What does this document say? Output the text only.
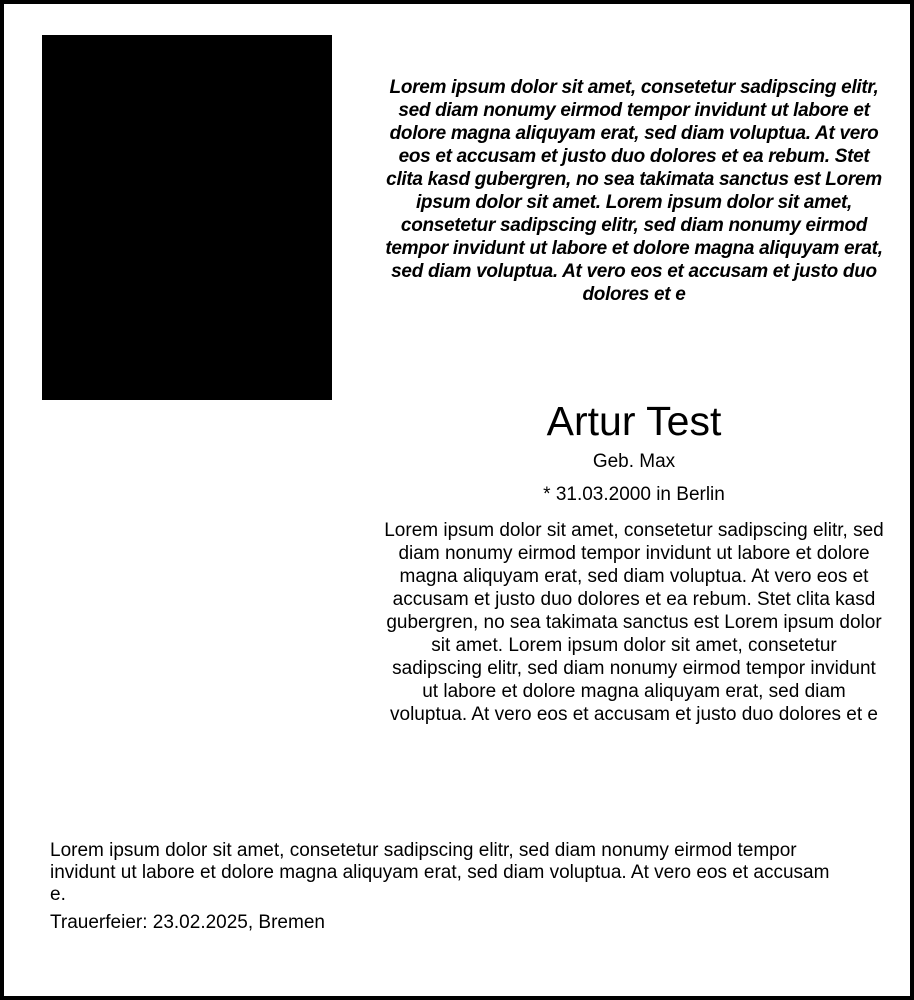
Lorem ipsum dolor sit amet, consetetur sadipscing elitr, sed diam nonumy eirmod tempor invidunt ut labore et dolore magna aliquyam erat, sed diam voluptua. At vero eos et accusam et justo duo dolores et ea rebum. Stet clita kasd gubergren, no sea takimata sanctus est Lorem ipsum dolor sit amet. Lorem ipsum dolor sit amet, consetetur sadipscing elitr, sed diam nonumy eirmod tempor invidunt ut labore et dolore magna aliquyam erat, sed diam voluptua. At vero eos et accusam et justo duo dolores et e
Artur Test
Geb. Max
* 31.03.2000 in Berlin
Lorem ipsum dolor sit amet, consetetur sadipscing elitr, sed diam nonumy eirmod tempor invidunt ut labore et dolore magna aliquyam erat, sed diam voluptua. At vero eos et accusam et justo duo dolores et ea rebum. Stet clita kasd gubergren, no sea takimata sanctus est Lorem ipsum dolor sit amet. Lorem ipsum dolor sit amet, consetetur sadipscing elitr, sed diam nonumy eirmod tempor invidunt ut labore et dolore magna aliquyam erat, sed diam voluptua. At vero eos et accusam et justo duo dolores et e
Lorem ipsum dolor sit amet, consetetur sadipscing elitr, sed diam nonumy eirmod tempor invidunt ut labore et dolore magna aliquyam erat, sed diam voluptua. At vero eos et accusam e.
Trauerfeier: 23.02.2025, Bremen
